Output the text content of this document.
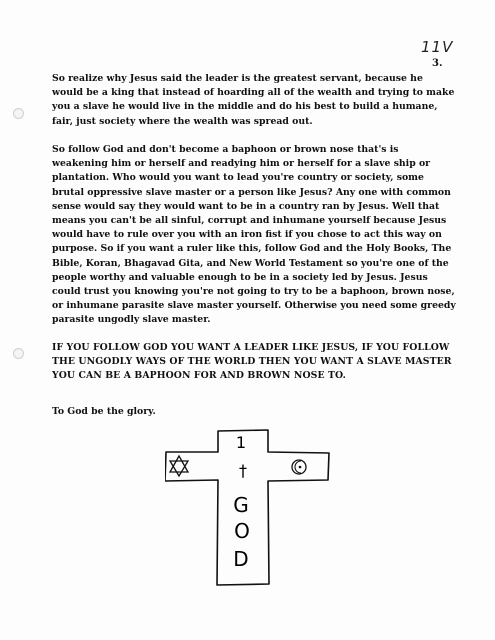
11V
3.

So realize why Jesus said the leader is the greatest servant, because he would be a king that instead of hoarding all of the wealth and trying to make you a slave he would live in the middle and do his best to build a humane, fair, just society where the wealth was spread out.

So follow God and don't become a baphoon or brown nose that's is weakening him or herself and readying him or herself for a slave ship or plantation. Who would you want to lead you're country or society, some brutal oppressive slave master or a person like Jesus? Any one with common sense would say they would want to be in a country ran by Jesus. Well that means you can't be all sinful, corrupt and inhumane yourself because Jesus would have to rule over you with an iron fist if you chose to act this way on purpose. So if you want a ruler like this, follow God and the Holy Books, The Bible, Koran, Bhagavad Gita, and New World Testament so you're one of the people worthy and valuable enough to be in a society led by Jesus. Jesus could trust you knowing you're not going to try to be a baphoon, brown nose, or inhumane parasite slave master yourself. Otherwise you need some greedy parasite ungodly slave master.

IF YOU FOLLOW GOD YOU WANT A LEADER LIKE JESUS, IF YOU FOLLOW THE UNGODLY WAYS OF THE WORLD THEN YOU WANT A SLAVE MASTER YOU CAN BE A BAPHOON FOR AND BROWN NOSE TO.

To God be the glory.
1
†
G
O
D
